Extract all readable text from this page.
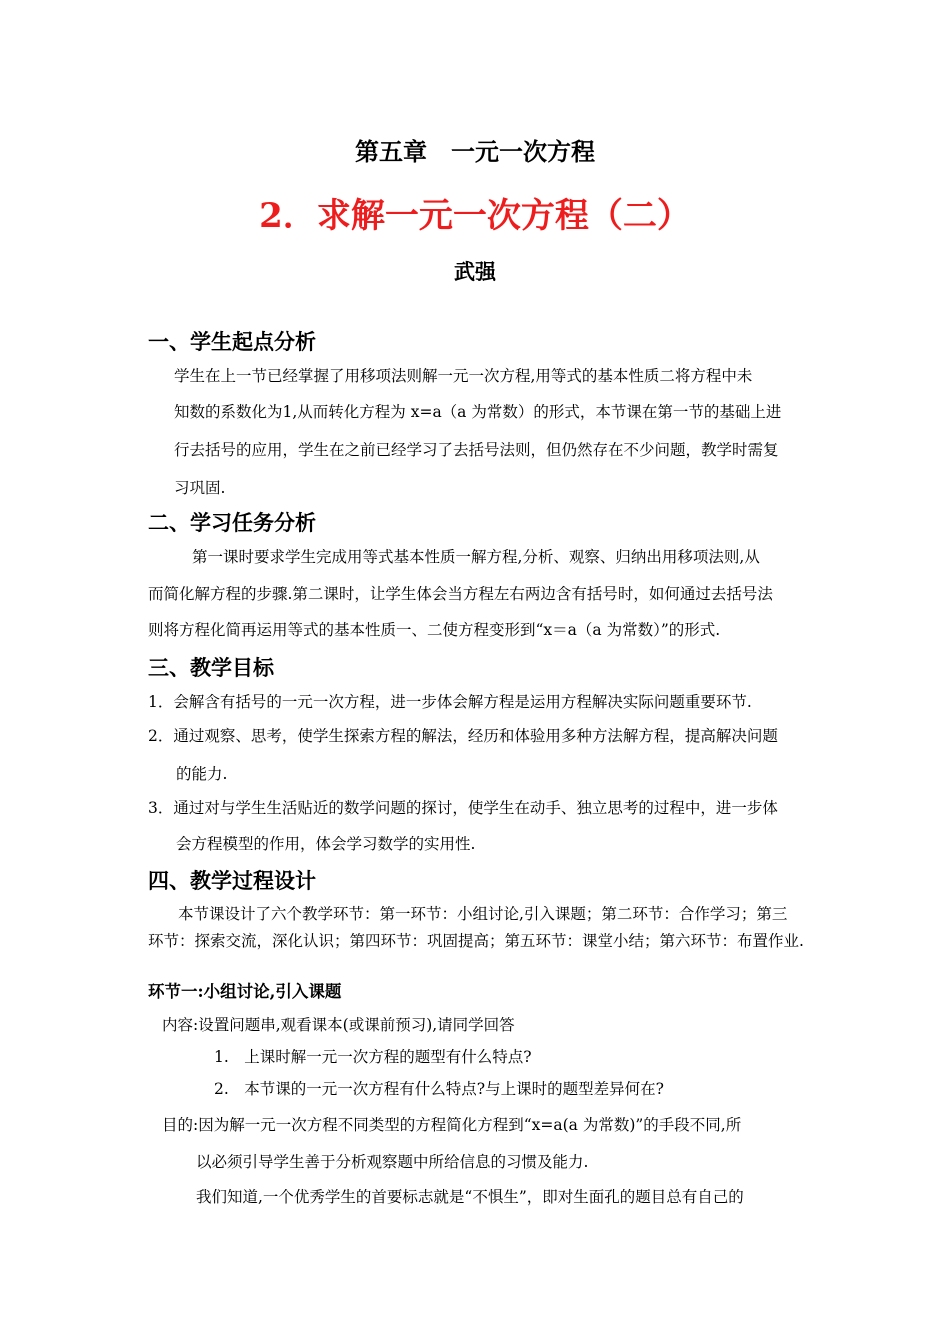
第五章　一元一次方程
2．求解一元一次方程（二）
武强
一、学生起点分析
学生在上一节已经掌握了用移项法则解一元一次方程,用等式的基本性质二将方程中未
知数的系数化为1,从而转化方程为 x=a（a 为常数）的形式，本节课在第一节的基础上进
行去括号的应用，学生在之前已经学习了去括号法则，但仍然存在不少问题，教学时需复
习巩固.
二、学习任务分析
第一课时要求学生完成用等式基本性质一解方程,分析、观察、归纳出用移项法则,从
而简化解方程的步骤.第二课时，让学生体会当方程左右两边含有括号时，如何通过去括号法
则将方程化简再运用等式的基本性质一、二使方程变形到“x＝a（a 为常数）”的形式.
三、教学目标
1．会解含有括号的一元一次方程，进一步体会解方程是运用方程解决实际问题重要环节.
2．通过观察、思考，使学生探索方程的解法，经历和体验用多种方法解方程，提高解决问题
的能力.
3．通过对与学生生活贴近的数学问题的探讨，使学生在动手、独立思考的过程中，进一步体
会方程模型的作用，体会学习数学的实用性.
四、教学过程设计
本节课设计了六个教学环节：第一环节：小组讨论,引入课题；第二环节：合作学习；第三
环节：探索交流，深化认识；第四环节：巩固提高；第五环节：课堂小结；第六环节：布置作业.
环节一:小组讨论,引入课题
内容:设置问题串,观看课本(或课前预习),请同学回答
1.　上课时解一元一次方程的题型有什么特点?
2.　本节课的一元一次方程有什么特点?与上课时的题型差异何在?
目的:因为解一元一次方程不同类型的方程简化方程到“x=a(a 为常数)”的手段不同,所
以必须引导学生善于分析观察题中所给信息的习惯及能力.
我们知道,一个优秀学生的首要标志就是“不惧生”，即对生面孔的题目总有自己的
